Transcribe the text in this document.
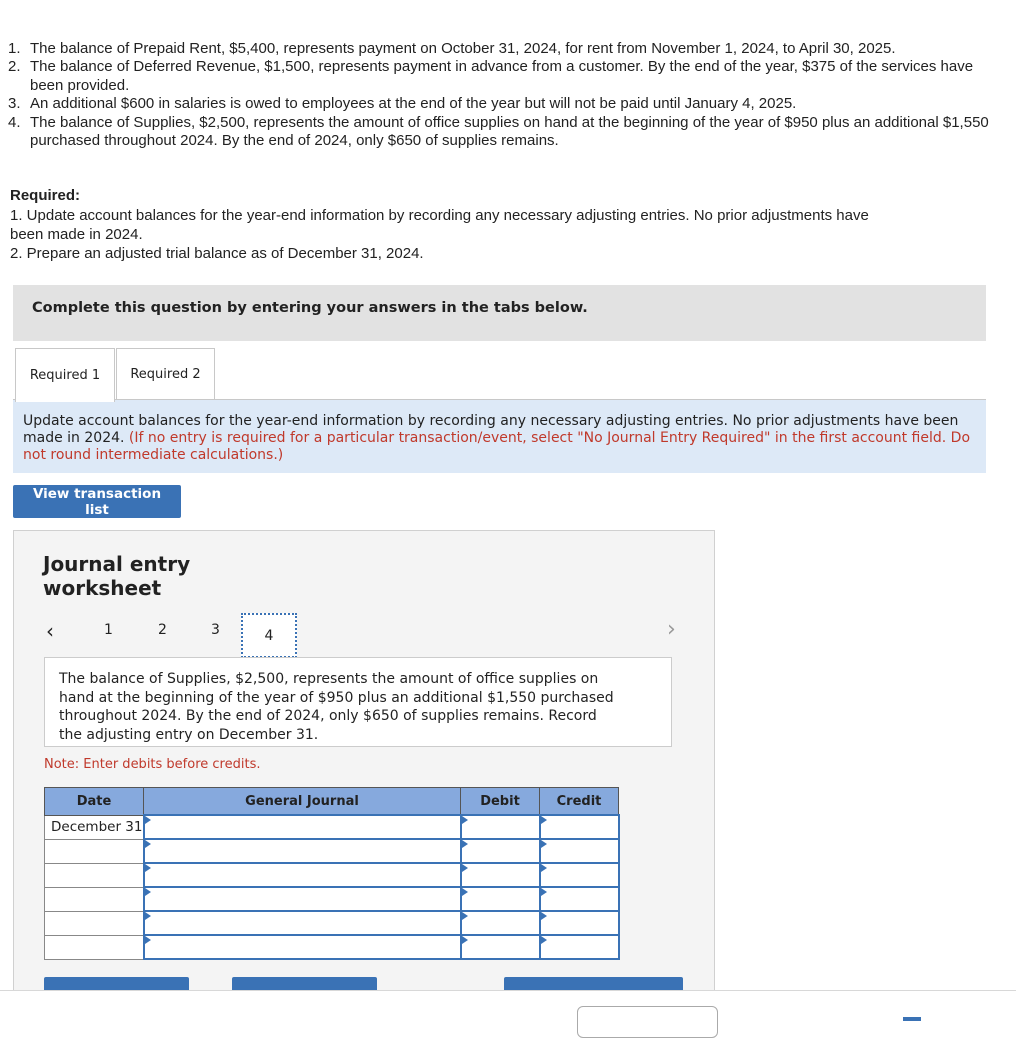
1. The balance of Prepaid Rent, $5,400, represents payment on October 31, 2024, for rent from November 1, 2024, to April 30, 2025.
2. The balance of Deferred Revenue, $1,500, represents payment in advance from a customer. By the end of the year, $375 of the services have been provided.
3. An additional $600 in salaries is owed to employees at the end of the year but will not be paid until January 4, 2025.
4. The balance of Supplies, $2,500, represents the amount of office supplies on hand at the beginning of the year of $950 plus an additional $1,550 purchased throughout 2024. By the end of 2024, only $650 of supplies remains.
Required:
1. Update account balances for the year-end information by recording any necessary adjusting entries. No prior adjustments have
been made in 2024.
2. Prepare an adjusted trial balance as of December 31, 2024.
Complete this question by entering your answers in the tabs below.
Required 1	Required 2

Update account balances for the year-end information by recording any necessary adjusting entries. No prior adjustments have been made in 2024. (If no entry is required for a particular transaction/event, select "No Journal Entry Required" in the first account field. Do not round intermediate calculations.)

View transaction list
Journal entry worksheet
‹	1	2	3	4	›

The balance of Supplies, $2,500, represents the amount of office supplies on hand at the beginning of the year of $950 plus an additional $1,550 purchased throughout 2024. By the end of 2024, only $650 of supplies remains. Record the adjusting entry on December 31.

Note: Enter debits before credits.
Date	General Journal	Debit	Credit
December 31			
